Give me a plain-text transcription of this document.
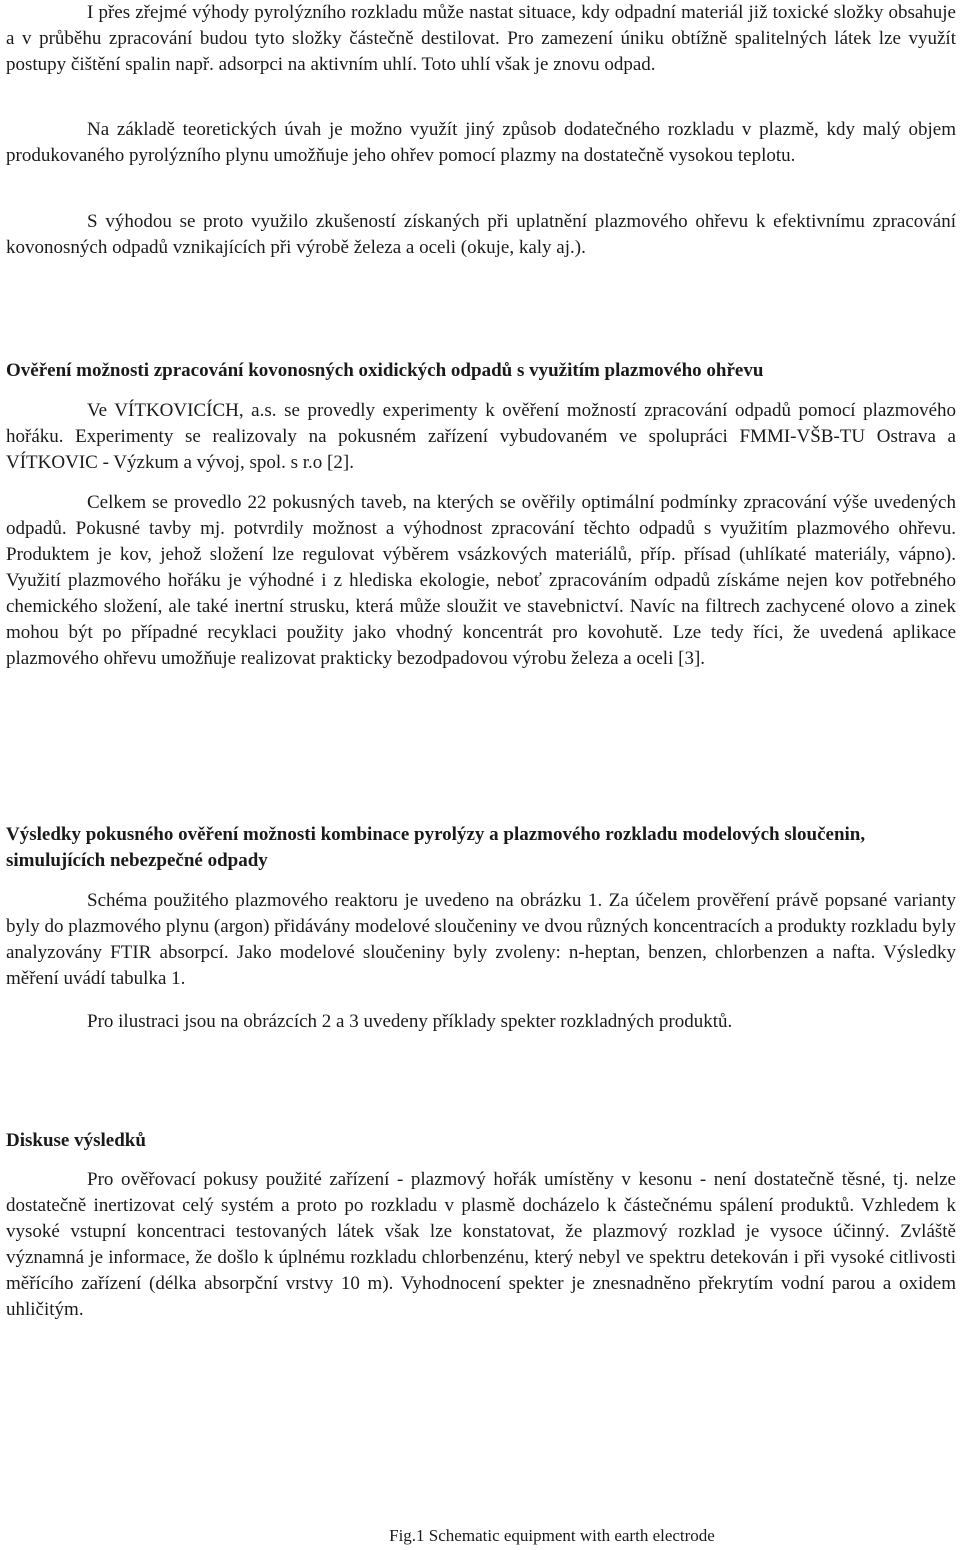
I přes zřejmé výhody pyrolýzního rozkladu může nastat situace, kdy odpadní materiál již toxické složky obsahuje a v průběhu zpracování budou tyto složky částečně destilovat. Pro zamezení úniku obtížně spalitelných látek lze využít postupy čištění spalin např. adsorpci na aktivním uhlí. Toto uhlí však je znovu odpad.

Na základě teoretických úvah je možno využít jiný způsob dodatečného rozkladu v plazmě, kdy malý objem produkovaného pyrolýzního plynu umožňuje jeho ohřev pomocí plazmy na dostatečně vysokou teplotu.

S výhodou se proto využilo zkušeností získaných při uplatnění plazmového ohřevu k efektivnímu zpracování kovonosných odpadů vznikajících při výrobě železa a oceli (okuje, kaly aj.).

Ověření možnosti zpracování kovonosných oxidických odpadů s využitím plazmového ohřevu

Ve VÍTKOVICÍCH, a.s. se provedly experimenty k ověření možností zpracování odpadů pomocí plazmového hořáku. Experimenty se realizovaly na pokusném zařízení vybudovaném ve spolupráci FMMI-VŠB-TU Ostrava a VÍTKOVIC - Výzkum a vývoj, spol. s r.o [2].

Celkem se provedlo 22 pokusných taveb, na kterých se ověřily optimální podmínky zpracování výše uvedených odpadů. Pokusné tavby mj. potvrdily možnost a výhodnost zpracování těchto odpadů s využitím plazmového ohřevu. Produktem je kov, jehož složení lze regulovat výběrem vsázkových materiálů, příp. přísad (uhlíkaté materiály, vápno). Využití plazmového hořáku je výhodné i z hlediska ekologie, neboť zpracováním odpadů získáme nejen kov potřebného chemického složení, ale také inertní strusku, která může sloužit ve stavebnictví. Navíc na filtrech zachycené olovo a zinek mohou být po případné recyklaci použity jako vhodný koncentrát pro kovohutě. Lze tedy říci, že uvedená aplikace plazmového ohřevu umožňuje realizovat prakticky bezodpadovou výrobu železa a oceli [3].

Výsledky pokusného ověření možnosti kombinace pyrolýzy a plazmového rozkladu modelových sloučenin, simulujících nebezpečné odpady

Schéma použitého plazmového reaktoru je uvedeno na obrázku 1. Za účelem prověření právě popsané varianty byly do plazmového plynu (argon) přidávány modelové sloučeniny ve dvou různých koncentracích a produkty rozkladu byly analyzovány FTIR absorpcí. Jako modelové sloučeniny byly zvoleny: n-heptan, benzen, chlorbenzen a nafta. Výsledky měření uvádí tabulka 1.

Pro ilustraci jsou na obrázcích 2 a 3 uvedeny příklady spekter rozkladných produktů.

Diskuse výsledků

Pro ověřovací pokusy použité zařízení - plazmový hořák umístěny v kesonu - není dostatečně těsné, tj. nelze dostatečně inertizovat celý systém a proto po rozkladu v plasmě docházelo k částečnému spálení produktů. Vzhledem k vysoké vstupní koncentraci testovaných látek však lze konstatovat, že plazmový rozklad je vysoce účinný. Zvláště významná je informace, že došlo k úplnému rozkladu chlorbenzénu, který nebyl ve spektru detekován i při vysoké citlivosti měřícího zařízení (délka absorpční vrstvy 10 m). Vyhodnocení spekter je znesnadněno překrytím vodní parou a oxidem uhličitým.

Fig.1 Schematic equipment with earth electrode
